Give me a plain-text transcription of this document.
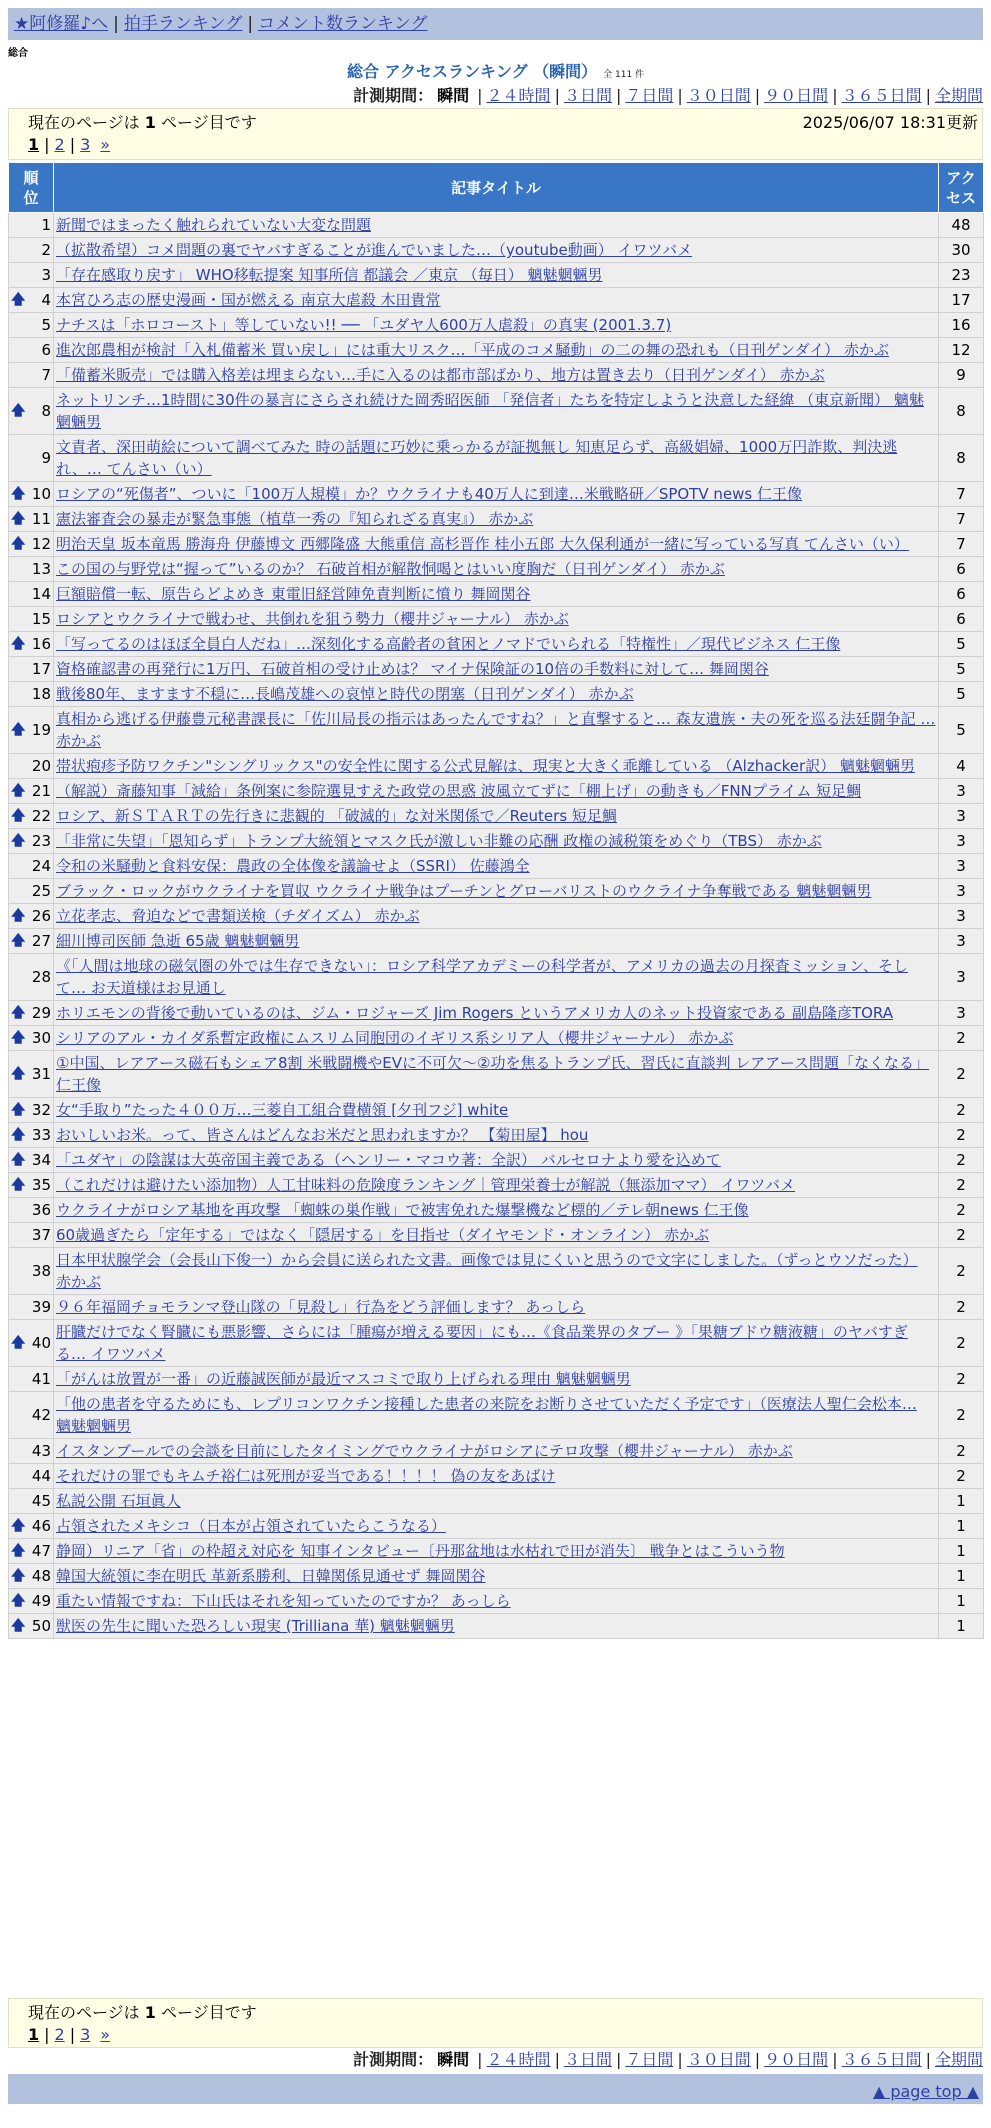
★阿修羅♪へ | 拍手ランキング | コメント数ランキング
総合
総合 アクセスランキング （瞬間） 全 111 件
計測期間： 瞬間 | ２４時間 | ３日間 | ７日間 | ３０日間 | ９０日間 | ３６５日間 | 全期間
現在のページは 1 ページ目です	2025/06/07 18:31更新
1 | 2 | 3 »
順位	記事タイトル	アクセス
1	新聞ではまったく触れられていない大変な問題	48
2	（拡散希望）コメ問題の裏でヤバすぎることが進んでいました…（youtube動画） イワツバメ	30
3	「存在感取り戻す」 WHO移転提案 知事所信 都議会 ／東京 （毎日） 魑魅魍魎男	23

🡅 4	本宮ひろ志の歴史漫画・国が燃える 南京大虐殺 木田貴常	17
5	ナチスは「ホロコースト」等していない!! ── 「ユダヤ人600万人虐殺」の真実 (2001.3.7)	16
6	進次郎農相が検討「入札備蓄米 買い戻し」には重大リスク…「平成のコメ騒動」の二の舞の恐れも（日刊ゲンダイ） 赤かぶ	12
7	「備蓄米販売」では購入格差は埋まらない…手に入るのは都市部ばかり、地方は置き去り（日刊ゲンダイ） 赤かぶ	9

🡅 8	ネットリンチ…1時間に30件の暴言にさらされ続けた岡秀昭医師 「発信者」たちを特定しようと決意した経緯 （東京新聞） 魑魅魍魎男	8
9	文責者、深田萌絵について調べてみた 時の話題に巧妙に乗っかるが証拠無し 知恵足らず、高級娼婦、1000万円詐欺、判決逃れ、… てんさい（い）	8

🡅 10	ロシアの“死傷者”、ついに「100万人規模」か？ウクライナも40万人に到達…米戦略研／SPOTV news 仁王像	7

🡅 11	憲法審査会の暴走が緊急事態（植草一秀の『知られざる真実』） 赤かぶ	7

🡅 12	明治天皇 坂本竜馬 勝海舟 伊藤博文 西郷隆盛 大熊重信 高杉晋作 桂小五郎 大久保利通が一緒に写っている写真 てんさい（い）	7
13	この国の与野党は“握って”いるのか？ 石破首相が解散恫喝とはいい度胸だ（日刊ゲンダイ） 赤かぶ	6
14	巨額賠償一転、原告らどよめき 東電旧経営陣免責判断に憤り 舞岡関谷	6
15	ロシアとウクライナで戦わせ、共倒れを狙う勢力（櫻井ジャーナル） 赤かぶ	6

🡅 16	「写ってるのはほぼ全員白人だね」…深刻化する高齢者の貧困とノマドでいられる「特権性」／現代ビジネス 仁王像	5
17	資格確認書の再発行に1万円、石破首相の受け止めは？ マイナ保険証の10倍の手数料に対して… 舞岡関谷	5
18	戦後80年、ますます不穏に…長嶋茂雄への哀悼と時代の閉塞（日刊ゲンダイ） 赤かぶ	5

🡅 19	真相から逃げる伊藤豊元秘書課長に「佐川局長の指示はあったんですね？」と直撃すると… 森友遺族・夫の死を巡る法廷闘争記 … 赤かぶ	5
20	帯状疱疹予防ワクチン"シングリックス"の安全性に関する公式見解は、現実と大きく乖離している （Alzhacker訳） 魑魅魍魎男	4

🡅 21	（解説）斎藤知事「減給」条例案に参院選見すえた政党の思惑 波風立てずに「棚上げ」の動きも／FNNプライム 短足鯛	3

🡅 22	ロシア、新ＳＴＡＲＴの先行きに悲観的 「破滅的」な対米関係で／Reuters 短足鯛	3

🡅 23	「非常に失望」「恩知らず」トランプ大統領とマスク氏が激しい非難の応酬 政権の減税策をめぐり（TBS） 赤かぶ	3
24	令和の米騒動と食料安保：農政の全体像を議論せよ（SSRI） 佐藤鴻全	3
25	ブラック・ロックがウクライナを買収 ウクライナ戦争はプーチンとグローバリストのウクライナ争奪戦である 魑魅魍魎男	3

🡅 26	立花孝志、脅迫などで書類送検（チダイズム） 赤かぶ	3

🡅 27	細川博司医師 急逝 65歳 魑魅魍魎男	3
28	《「人間は地球の磁気圏の外では生存できない」：ロシア科学アカデミーの科学者が、アメリカの過去の月探査ミッション、そして… お天道様はお見通し	3

🡅 29	ホリエモンの背後で動いているのは、ジム・ロジャーズ Jim Rogers というアメリカ人のネット投資家である 副島隆彦TORA	3

🡅 30	シリアのアル・カイダ系暫定政権にムスリム同胞団のイギリス系シリア人（櫻井ジャーナル） 赤かぶ	2

🡅 31	①中国、レアアース磁石もシェア8割 米戦闘機やEVに不可欠～②功を焦るトランプ氏、習氏に直談判 レアアース問題「なくなる」 仁王像	2

🡅 32	女“手取り”たった４００万…三菱自工組合費横領 [夕刊フジ] white	2

🡅 33	おいしいお米。って、皆さんはどんなお米だと思われますか？ 【菊田屋】 hou	2

🡅 34	「ユダヤ」の陰謀は大英帝国主義である（ヘンリー・マコウ著：全訳） バルセロナより愛を込めて	2

🡅 35	（これだけは避けたい添加物）人工甘味料の危険度ランキング｜管理栄養士が解説（無添加ママ） イワツバメ	2
36	ウクライナがロシア基地を再攻撃 「蜘蛛の巣作戦」で被害免れた爆撃機など標的／テレ朝news 仁王像	2
37	60歳過ぎたら「定年する」ではなく「隠居する」を目指せ（ダイヤモンド・オンライン） 赤かぶ	2
38	日本甲状腺学会（会長山下俊一）から会員に送られた文書。画像では見にくいと思うので文字にしました。（ずっとウソだった） 赤かぶ	2
39	９６年福岡チョモランマ登山隊の「見殺し」行為をどう評価します？ あっしら	2

🡅 40	肝臓だけでなく腎臓にも悪影響、さらには「腫瘍が増える要因」にも…《食品業界のタブー 》「果糖ブドウ糖液糖」のヤバすぎる… イワツバメ	2
41	「がんは放置が一番」の近藤誠医師が最近マスコミで取り上げられる理由 魑魅魍魎男	2
42	「他の患者を守るためにも、レプリコンワクチン接種した患者の来院をお断りさせていただく予定です」（医療法人聖仁会松本… 魑魅魍魎男	2
43	イスタンブールでの会談を目前にしたタイミングでウクライナがロシアにテロ攻撃（櫻井ジャーナル） 赤かぶ	2
44	それだけの罪でもキムチ裕仁は死刑が妥当である！！！！ 偽の友をあばけ	2
45	私説公開 石垣眞人	1

🡅 46	占領されたメキシコ（日本が占領されていたらこうなる）	1

🡅 47	静岡）リニア「省」の枠超え対応を 知事インタビュー〔丹那盆地は水枯れで田が消失〕 戦争とはこういう物	1

🡅 48	韓国大統領に李在明氏 革新系勝利、日韓関係見通せず 舞岡関谷	1

🡅 49	重たい情報ですね：下山氏はそれを知っていたのですか？ あっしら	1

🡅 50	獣医の先生に聞いた恐ろしい現実 (Trilliana 華) 魑魅魍魎男	1
現在のページは 1 ページ目です
1 | 2 | 3 »
計測期間： 瞬間 | ２４時間 | ３日間 | ７日間 | ３０日間 | ９０日間 | ３６５日間 | 全期間
▲ page top ▲
